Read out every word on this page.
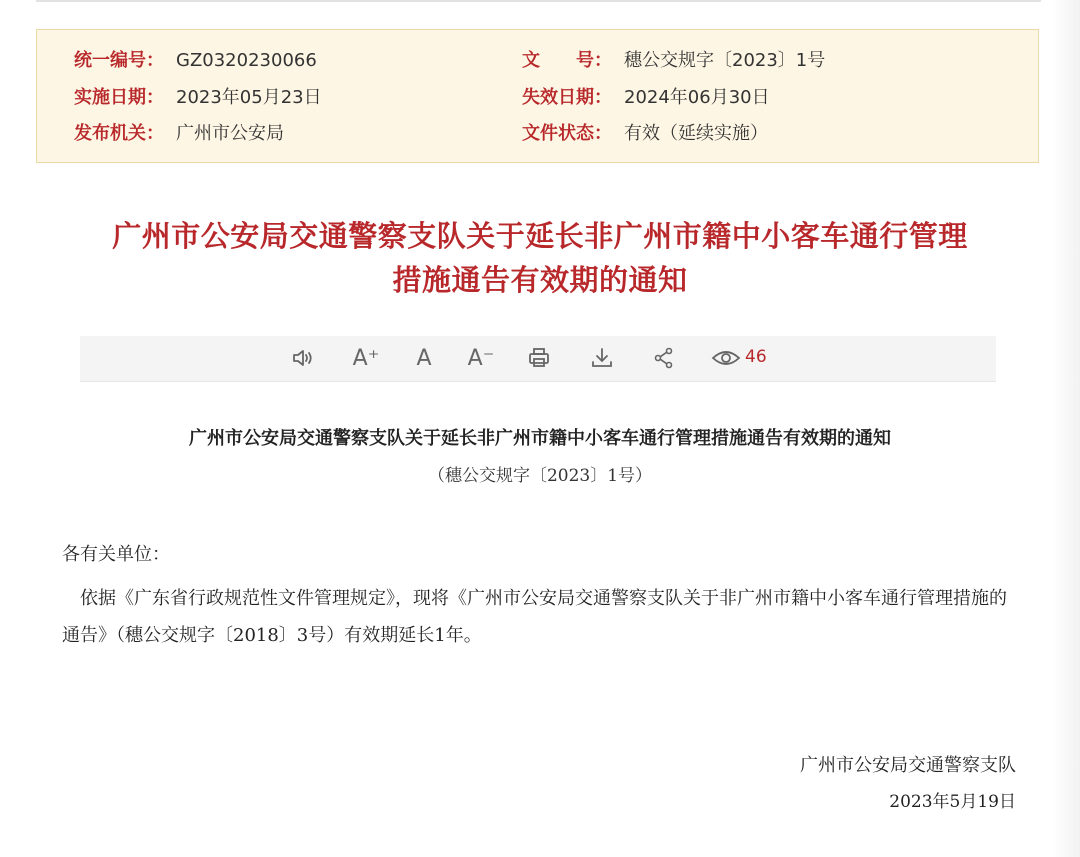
统一编号： GZ0320230066	文　　号： 穗公交规字〔2023〕1号
实施日期： 2023年05月23日	失效日期： 2024年06月30日
发布机关： 广州市公安局	文件状态： 有效（延续实施）
广州市公安局交通警察支队关于延长非广州市籍中小客车通行管理
措施通告有效期的通知
A⁺	A	A⁻	46
广州市公安局交通警察支队关于延长非广州市籍中小客车通行管理措施通告有效期的通知
（穗公交规字〔2023〕1号）
各有关单位：
依据《广东省行政规范性文件管理规定》，现将《广州市公安局交通警察支队关于非广州市籍中小客车通行管理措施的通告》（穗公交规字〔2018〕3号）有效期延长1年。
广州市公安局交通警察支队
2023年5月19日
